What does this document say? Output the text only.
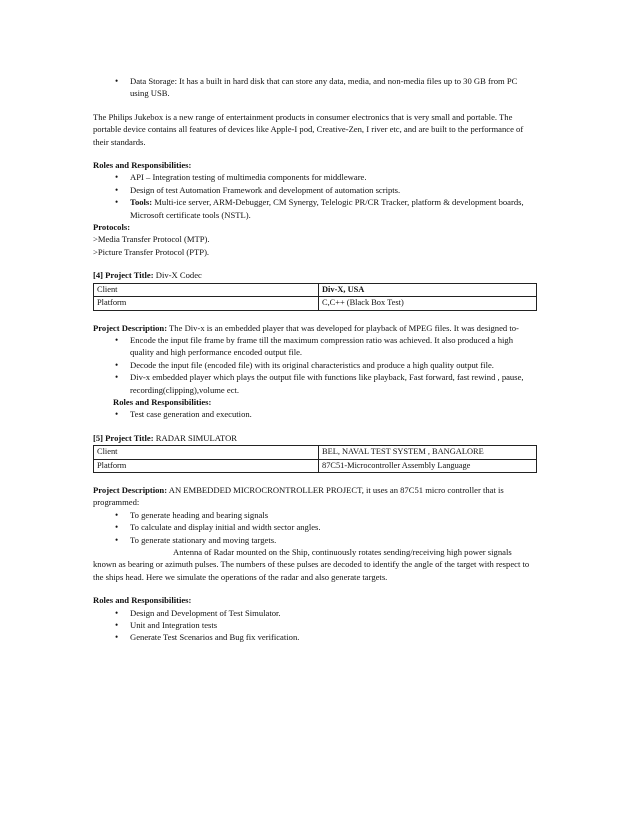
• Data Storage: It has a built in hard disk that can store any data, media, and non-media files up to 30 GB from PC using USB.

The Philips Jukebox is a new range of entertainment products in consumer electronics that is very small and portable. The portable device contains all features of devices like Apple-I pod, Creative-Zen, I river etc, and are built to the performance of their standards.

Roles and Responsibilities:

• API – Integration testing of multimedia components for middleware.
• Design of test Automation Framework and development of automation scripts.
• Tools: Multi-ice server, ARM-Debugger, CM Synergy, Telelogic PR/CR Tracker, platform & development boards, Microsoft certificate tools (NSTL).

Protocols:

>Media Transfer Protocol (MTP).

>Picture Transfer Protocol (PTP).

[4] Project Title: Div-X Codec

Client	Div-X, USA
Platform	C,C++ (Black Box Test)

Project Description: The Div-x is an embedded player that was developed for playback of MPEG files. It was designed to-

• Encode the input file frame by frame till the maximum compression ratio was achieved. It also produced a high quality and high performance encoded output file.
• Decode the input file (encoded file) with its original characteristics and produce a high quality output file.
• Div-x embedded player which plays the output file with functions like playback, Fast forward, fast rewind , pause, recording(clipping),volume ect.

Roles and Responsibilities:

• Test case generation and execution.

[5] Project Title: RADAR SIMULATOR

Client	BEL, NAVAL TEST SYSTEM , BANGALORE
Platform	87C51-Microcontroller Assembly Language

Project Description: AN EMBEDDED MICROCRONTROLLER PROJECT, it uses an 87C51 micro controller that is programmed:

• To generate heading and bearing signals
• To calculate and display initial and width sector angles.
• To generate stationary and moving targets.

Antenna of Radar mounted on the Ship, continuously rotates sending/receiving high power signals known as bearing or azimuth pulses. The numbers of these pulses are decoded to identify the angle of the target with respect to the ships head. Here we simulate the operations of the radar and also generate targets.

Roles and Responsibilities:

• Design and Development of Test Simulator.
• Unit and Integration tests
• Generate Test Scenarios and Bug fix verification.
